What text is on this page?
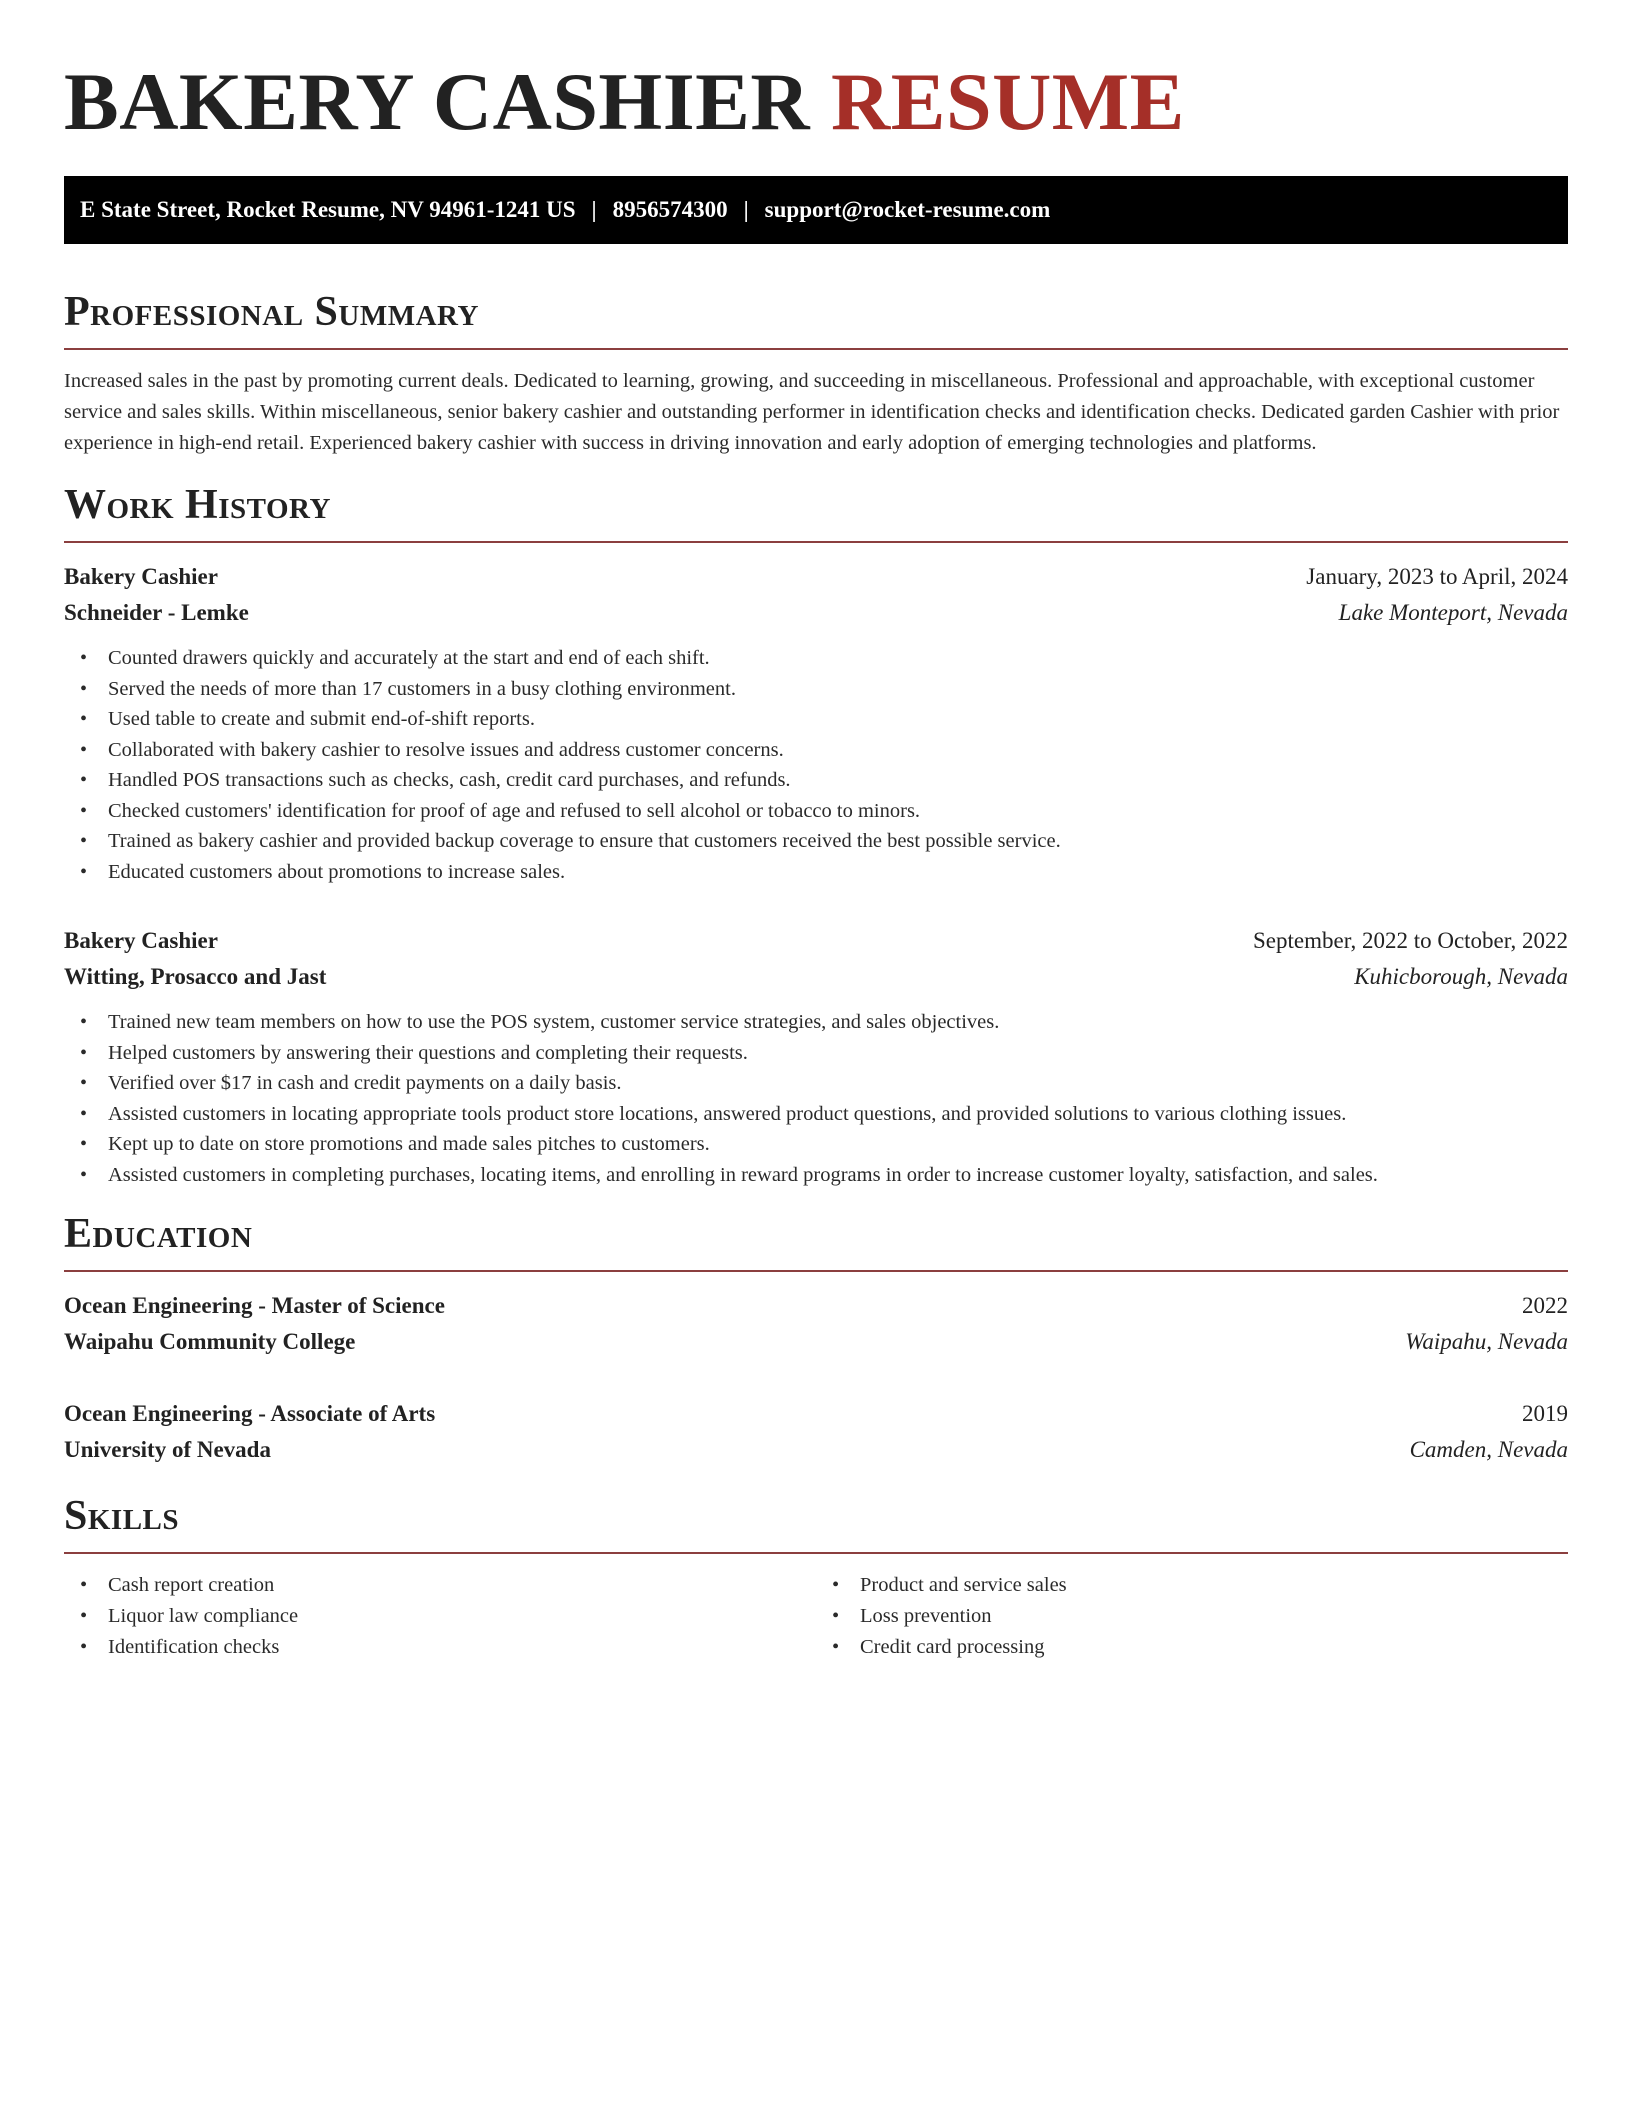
BAKERY CASHIER RESUME
E State Street, Rocket Resume, NV 94961-1241 US | 8956574300 | support@rocket-resume.com
Professional Summary

Increased sales in the past by promoting current deals. Dedicated to learning, growing, and succeeding in miscellaneous. Professional and approachable, with exceptional customer service and sales skills. Within miscellaneous, senior bakery cashier and outstanding performer in identification checks and identification checks. Dedicated garden Cashier with prior experience in high-end retail. Experienced bakery cashier with success in driving innovation and early adoption of emerging technologies and platforms.

Work History
Bakery Cashier	January, 2023 to April, 2024
Schneider - Lemke	Lake Monteport, Nevada
• Counted drawers quickly and accurately at the start and end of each shift.
• Served the needs of more than 17 customers in a busy clothing environment.
• Used table to create and submit end-of-shift reports.
• Collaborated with bakery cashier to resolve issues and address customer concerns.
• Handled POS transactions such as checks, cash, credit card purchases, and refunds.
• Checked customers' identification for proof of age and refused to sell alcohol or tobacco to minors.
• Trained as bakery cashier and provided backup coverage to ensure that customers received the best possible service.
• Educated customers about promotions to increase sales.
Bakery Cashier	September, 2022 to October, 2022
Witting, Prosacco and Jast	Kuhicborough, Nevada
• Trained new team members on how to use the POS system, customer service strategies, and sales objectives.
• Helped customers by answering their questions and completing their requests.
• Verified over $17 in cash and credit payments on a daily basis.
• Assisted customers in locating appropriate tools product store locations, answered product questions, and provided solutions to various clothing issues.
• Kept up to date on store promotions and made sales pitches to customers.
• Assisted customers in completing purchases, locating items, and enrolling in reward programs in order to increase customer loyalty, satisfaction, and sales.
Education
Ocean Engineering - Master of Science	2022
Waipahu Community College	Waipahu, Nevada
Ocean Engineering - Associate of Arts	2019
University of Nevada	Camden, Nevada
Skills
• Cash report creation
• Liquor law compliance
• Identification checks
• Product and service sales
• Loss prevention
• Credit card processing
